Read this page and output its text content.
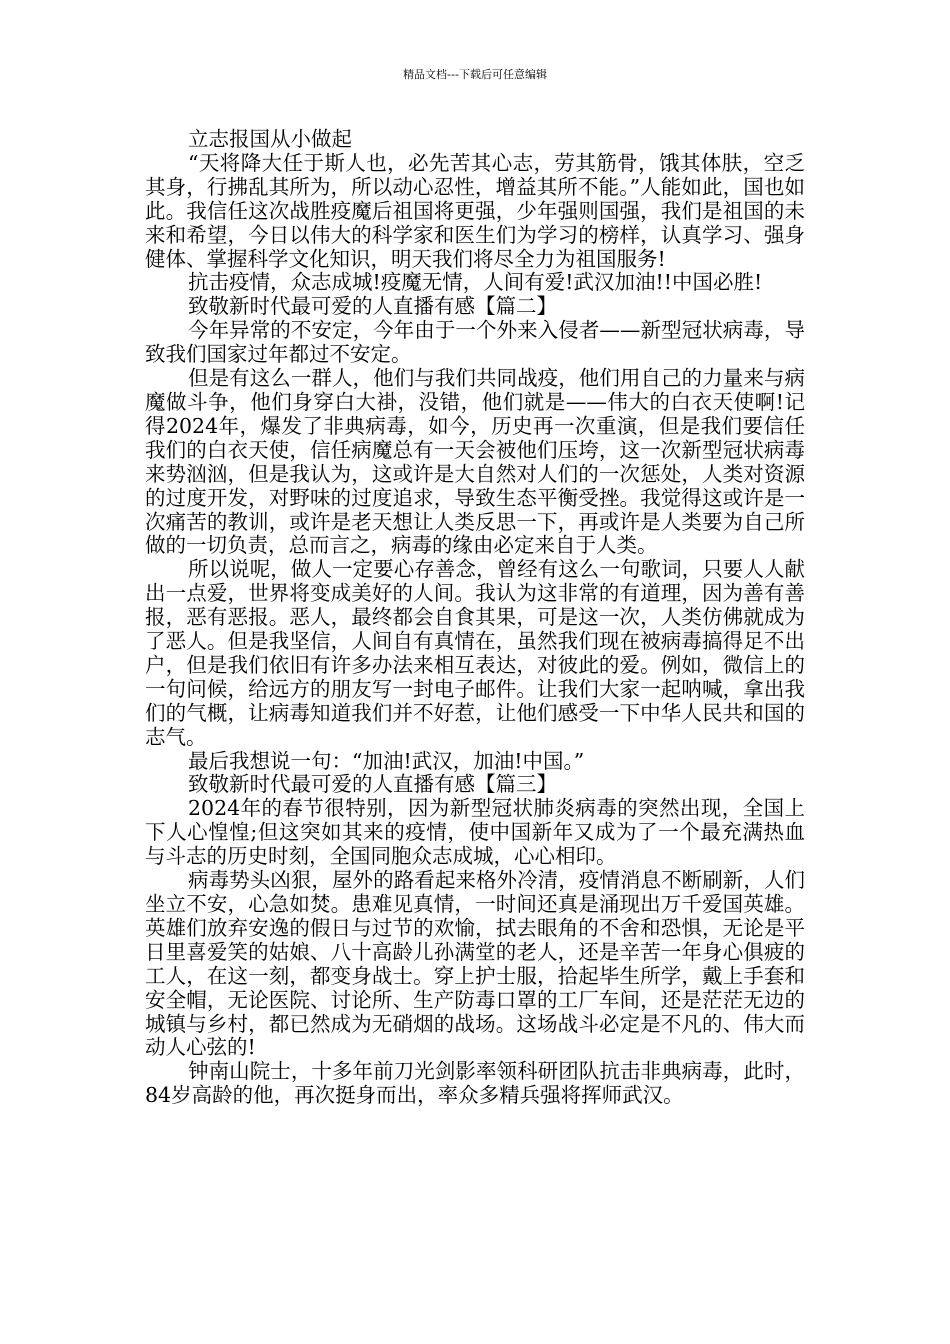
精品文档---下载后可任意编辑

立志报国从小做起

“天将降大任于斯人也，必先苦其心志，劳其筋骨，饿其体肤，空乏其身，行拂乱其所为，所以动心忍性，增益其所不能。”人能如此，国也如此。我信任这次战胜疫魔后祖国将更强，少年强则国强，我们是祖国的未来和希望，今日以伟大的科学家和医生们为学习的榜样，认真学习、强身健体、掌握科学文化知识，明天我们将尽全力为祖国服务!

抗击疫情，众志成城!疫魔无情，人间有爱!武汉加油!!中国必胜!

致敬新时代最可爱的人直播有感【篇二】

今年异常的不安定，今年由于一个外来入侵者——新型冠状病毒，导致我们国家过年都过不安定。

但是有这么一群人，他们与我们共同战疫，他们用自己的力量来与病魔做斗争，他们身穿白大褂，没错，他们就是——伟大的白衣天使啊!记得2024年，爆发了非典病毒，如今，历史再一次重演，但是我们要信任我们的白衣天使，信任病魔总有一天会被他们压垮，这一次新型冠状病毒来势汹汹，但是我认为，这或许是大自然对人们的一次惩处，人类对资源的过度开发，对野味的过度追求，导致生态平衡受挫。我觉得这或许是一次痛苦的教训，或许是老天想让人类反思一下，再或许是人类要为自己所做的一切负责，总而言之，病毒的缘由必定来自于人类。

所以说呢，做人一定要心存善念，曾经有这么一句歌词，只要人人献出一点爱，世界将变成美好的人间。我认为这非常的有道理，因为善有善报，恶有恶报。恶人，最终都会自食其果，可是这一次，人类仿佛就成为了恶人。但是我坚信，人间自有真情在，虽然我们现在被病毒搞得足不出户，但是我们依旧有许多办法来相互表达，对彼此的爱。例如，微信上的一句问候，给远方的朋友写一封电子邮件。让我们大家一起呐喊，拿出我们的气概，让病毒知道我们并不好惹，让他们感受一下中华人民共和国的志气。

最后我想说一句：“加油!武汉，加油!中国。”

致敬新时代最可爱的人直播有感【篇三】

2024年的春节很特别，因为新型冠状肺炎病毒的突然出现，全国上下人心惶惶;但这突如其来的疫情，使中国新年又成为了一个最充满热血与斗志的历史时刻，全国同胞众志成城，心心相印。

病毒势头凶狠，屋外的路看起来格外冷清，疫情消息不断刷新，人们坐立不安，心急如焚。患难见真情，一时间还真是涌现出万千爱国英雄。英雄们放弃安逸的假日与过节的欢愉，拭去眼角的不舍和恐惧，无论是平日里喜爱笑的姑娘、八十高龄儿孙满堂的老人，还是辛苦一年身心俱疲的工人，在这一刻，都变身战士。穿上护士服，拾起毕生所学，戴上手套和安全帽，无论医院、讨论所、生产防毒口罩的工厂车间，还是茫茫无边的城镇与乡村，都已然成为无硝烟的战场。这场战斗必定是不凡的、伟大而动人心弦的!

钟南山院士，十多年前刀光剑影率领科研团队抗击非典病毒，此时，84岁高龄的他，再次挺身而出，率众多精兵强将挥师武汉。
